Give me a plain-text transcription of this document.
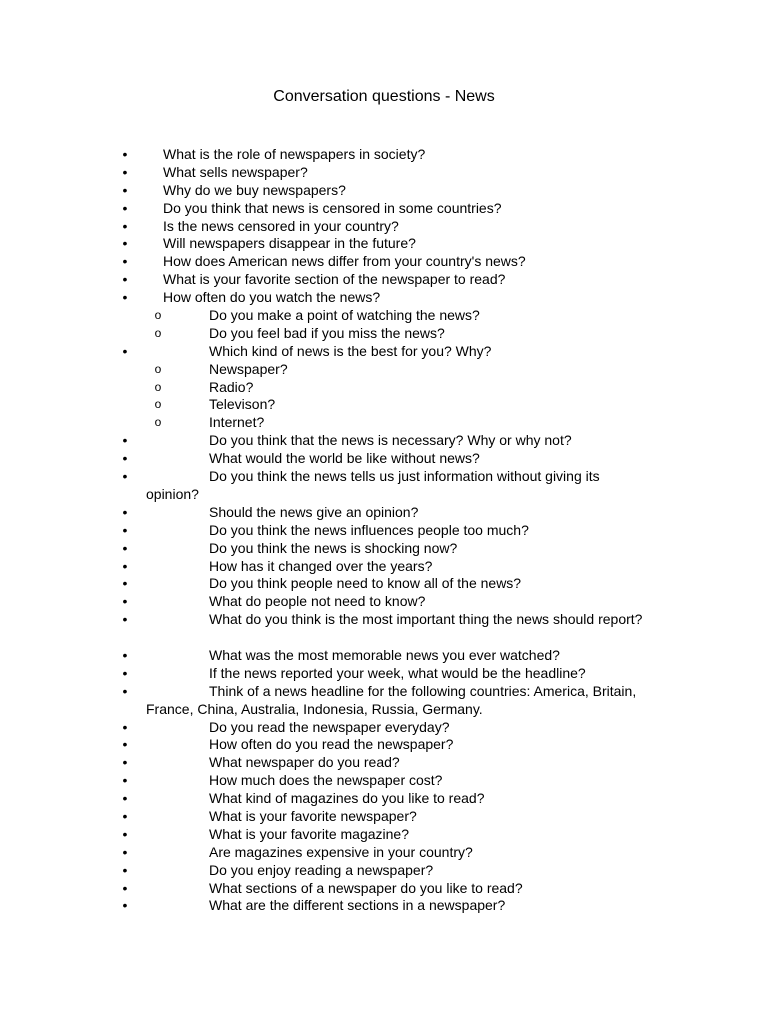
Conversation questions - News
•	What is the role of newspapers in society?
•	What sells newspaper?
•	Why do we buy newspapers?
•	Do you think that news is censored in some countries?
•	Is the news censored in your country?
•	Will newspapers disappear in the future?
•	How does American news differ from your country's news?
•	What is your favorite section of the newspaper to read?
•	How often do you watch the news?
o	Do you make a point of watching the news?
o	Do you feel bad if you miss the news?
•	Which kind of news is the best for you? Why?
o	Newspaper?
o	Radio?
o	Televison?
o	Internet?
•	Do you think that the news is necessary? Why or why not?
•	What would the world be like without news?
•	Do you think the news tells us just information without giving its opinion?
•	Should the news give an opinion?
•	Do you think the news influences people too much?
•	Do you think the news is shocking now?
•	How has it changed over the years?
•	Do you think people need to know all of the news?
•	What do people not need to know?
•	What do you think is the most important thing the news should report?
•	What was the most memorable news you ever watched?
•	If the news reported your week, what would be the headline?
•	Think of a news headline for the following countries: America, Britain, France, China, Australia, Indonesia, Russia, Germany.
•	Do you read the newspaper everyday?
•	How often do you read the newspaper?
•	What newspaper do you read?
•	How much does the newspaper cost?
•	What kind of magazines do you like to read?
•	What is your favorite newspaper?
•	What is your favorite magazine?
•	Are magazines expensive in your country?
•	Do you enjoy reading a newspaper?
•	What sections of a newspaper do you like to read?
•	What are the different sections in a newspaper?
